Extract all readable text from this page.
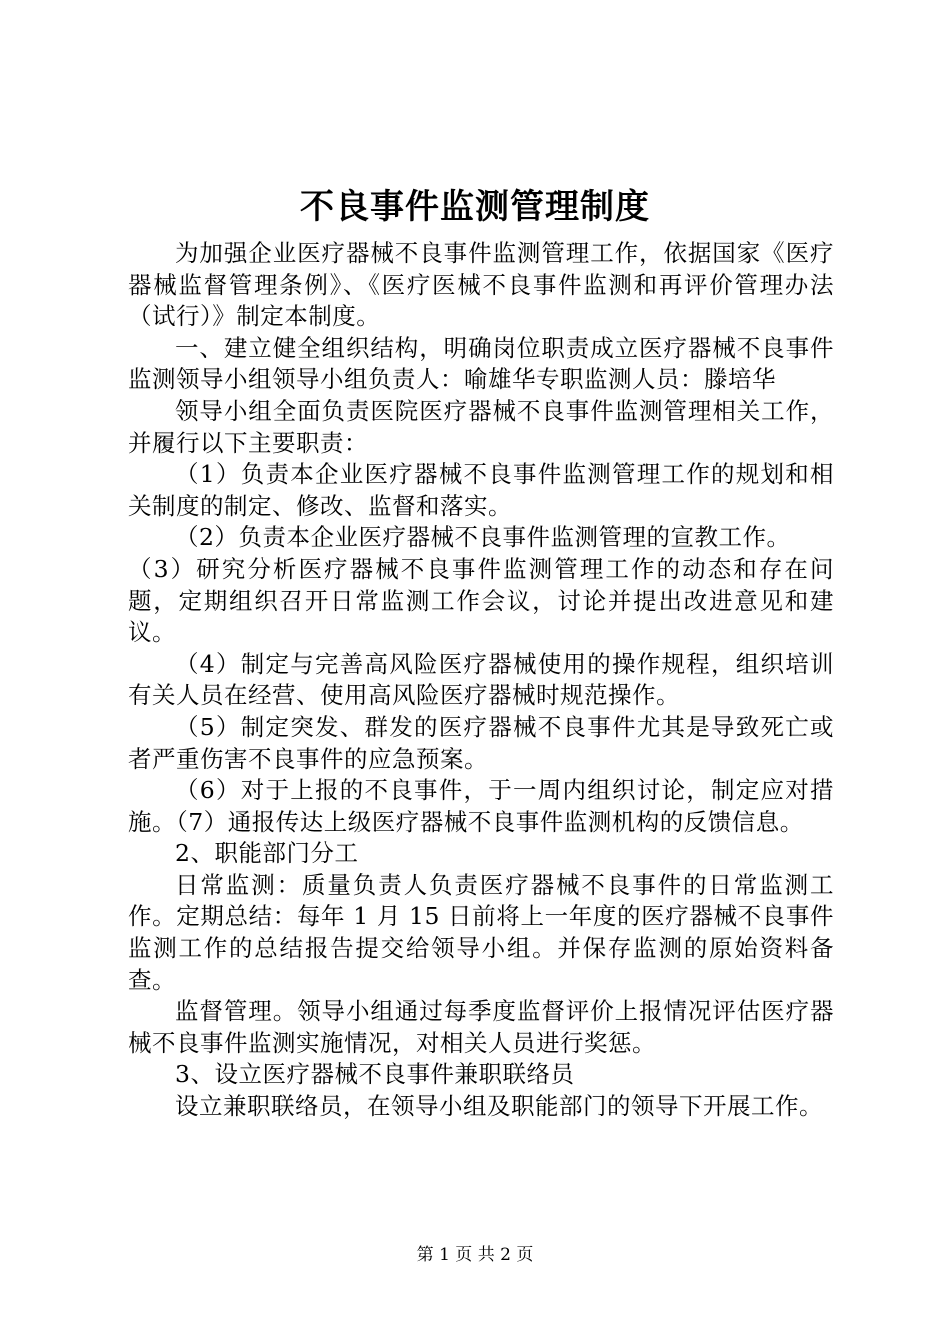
不良事件监测管理制度

为加强企业医疗器械不良事件监测管理工作，依据国家《医疗器械监督管理条例》、《医疗医械不良事件监测和再评价管理办法（试行）》制定本制度。

一、建立健全组织结构，明确岗位职责成立医疗器械不良事件监测领导小组领导小组负责人：喻雄华专职监测人员：滕培华

领导小组全面负责医院医疗器械不良事件监测管理相关工作，并履行以下主要职责：

（1）负责本企业医疗器械不良事件监测管理工作的规划和相关制度的制定、修改、监督和落实。

（2）负责本企业医疗器械不良事件监测管理的宣教工作。

（3）研究分析医疗器械不良事件监测管理工作的动态和存在问题，定期组织召开日常监测工作会议，讨论并提出改进意见和建议。

（4）制定与完善高风险医疗器械使用的操作规程，组织培训有关人员在经营、使用高风险医疗器械时规范操作。

（5）制定突发、群发的医疗器械不良事件尤其是导致死亡或者严重伤害不良事件的应急预案。

（6）对于上报的不良事件，于一周内组织讨论，制定应对措施。（7）通报传达上级医疗器械不良事件监测机构的反馈信息。

2、职能部门分工

日常监测：质量负责人负责医疗器械不良事件的日常监测工作。定期总结：每年 1 月 15 日前将上一年度的医疗器械不良事件监测工作的总结报告提交给领导小组。并保存监测的原始资料备查。

监督管理。领导小组通过每季度监督评价上报情况评估医疗器械不良事件监测实施情况，对相关人员进行奖惩。

3、设立医疗器械不良事件兼职联络员

设立兼职联络员，在领导小组及职能部门的领导下开展工作。

第 1 页 共 2 页
